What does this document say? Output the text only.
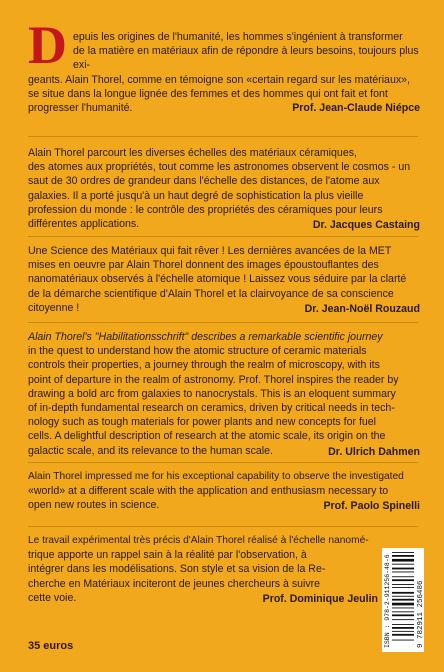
D epuis les origines de l'humanité, les hommes s'ingénient à transformer

de la matière en matériaux afin de répondre à leurs besoins, toujours plus exi-

geants. Alain Thorel, comme en témoigne son «certain regard sur les matériaux»,

se situe dans la longue lignée des femmes et des hommes qui ont fait et font

progresser l'humanité.	Prof. Jean-Claude Niépce

Alain Thorel parcourt les diverses échelles des matériaux céramiques,

des atomes aux propriétés, tout comme les astronomes observent le cosmos - un

saut de 30 ordres de grandeur dans l'échelle des distances, de l'atome aux

galaxies. Il a porté jusqu'à un haut degré de sophistication la plus vieille

profession du monde : le contrôle des propriétés des céramiques pour leurs

différentes applications.	Dr. Jacques Castaing

Une Science des Matériaux qui fait rêver ! Les dernières avancées de la MET

mises en oeuvre par Alain Thorel donnent des images époustouflantes des

nanomatériaux observés à l'échelle atomique ! Laissez vous séduire par la clarté

de la démarche scientifique d'Alain Thorel et la clairvoyance de sa conscience

citoyenne !	Dr. Jean-Noël Rouzaud

Alain Thorel's "Habilitationsschrift" describes a remarkable scientific journey

in the quest to understand how the atomic structure of ceramic materials

controls their properties, a journey through the realm of microscopy, with its

point of departure in the realm of astronomy. Prof. Thorel inspires the reader by

drawing a bold arc from galaxies to nanocrystals. This is an eloquent summary

of in-depth fundamental research on ceramics, driven by critical needs in tech-

nology such as tough materials for power plants and new concepts for fuel

cells. A delightful description of research at the atomic scale, its origin on the

galactic scale, and its relevance to the human scale.	Dr. Ulrich Dahmen

Alain Thorel impressed me for his exceptional capability to observe the investigated

«world» at a different scale with the application and enthusiasm necessary to

open new routes in science.	Prof. Paolo Spinelli

Le travail expérimental très précis d'Alain Thorel réalisé à l'échelle nanomé-

trique apporte un rappel sain à la réalité par l'observation, à

intégrer dans les modélisations. Son style et sa vision de la Re-

cherche en Matériaux inciteront de jeunes chercheurs à suivre

cette voie.	Prof. Dominique Jeulin
35 euros	ISBN : 978-2-911256-48-6	9 782911 256486
